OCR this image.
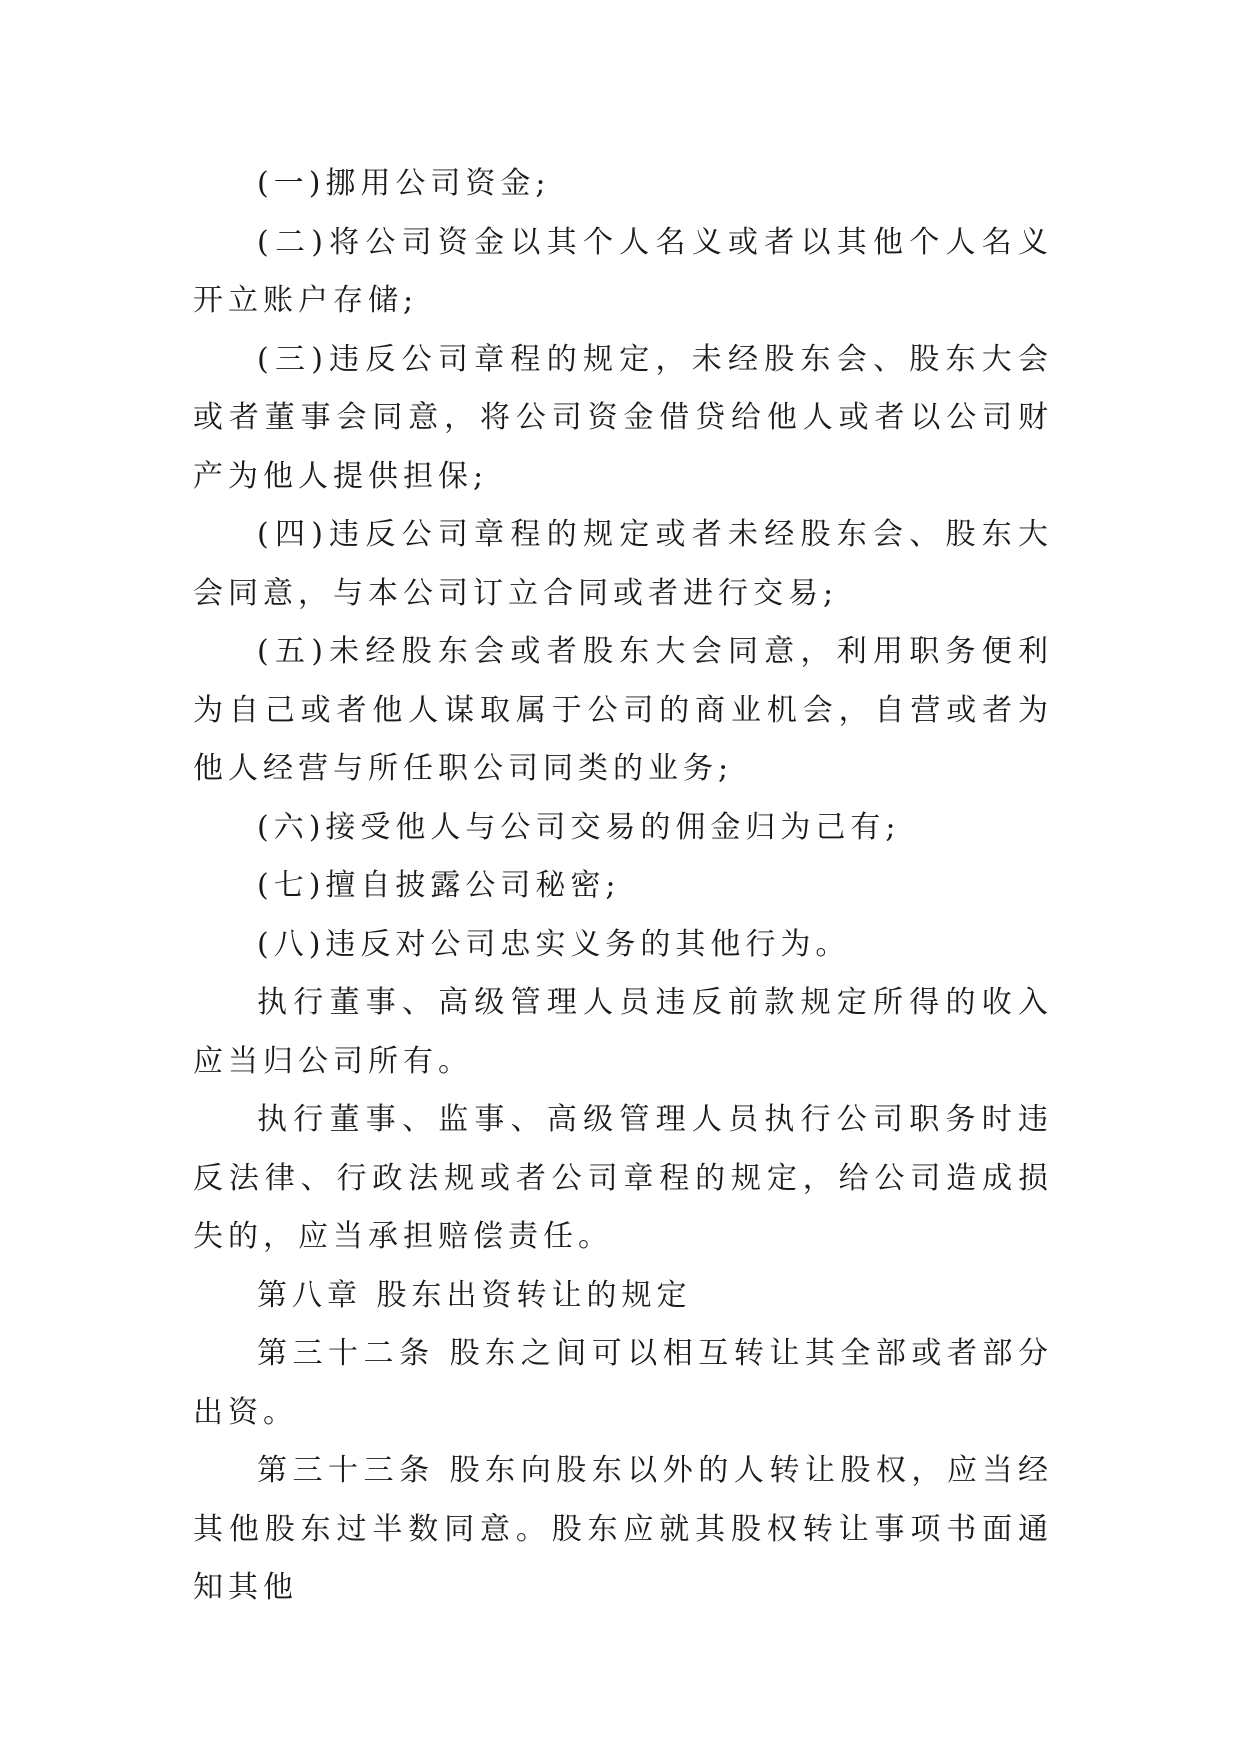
(一)挪用公司资金;

(二)将公司资金以其个人名义或者以其他个人名义开立账户存储;

(三)违反公司章程的规定，未经股东会、股东大会或者董事会同意，将公司资金借贷给他人或者以公司财产为他人提供担保;

(四)违反公司章程的规定或者未经股东会、股东大会同意，与本公司订立合同或者进行交易;

(五)未经股东会或者股东大会同意，利用职务便利为自己或者他人谋取属于公司的商业机会，自营或者为他人经营与所任职公司同类的业务;

(六)接受他人与公司交易的佣金归为己有;

(七)擅自披露公司秘密;

(八)违反对公司忠实义务的其他行为。

执行董事、高级管理人员违反前款规定所得的收入应当归公司所有。

执行董事、监事、高级管理人员执行公司职务时违反法律、行政法规或者公司章程的规定，给公司造成损失的，应当承担赔偿责任。

第八章 股东出资转让的规定

第三十二条 股东之间可以相互转让其全部或者部分出资。

第三十三条 股东向股东以外的人转让股权，应当经其他股东过半数同意。股东应就其股权转让事项书面通知其他
